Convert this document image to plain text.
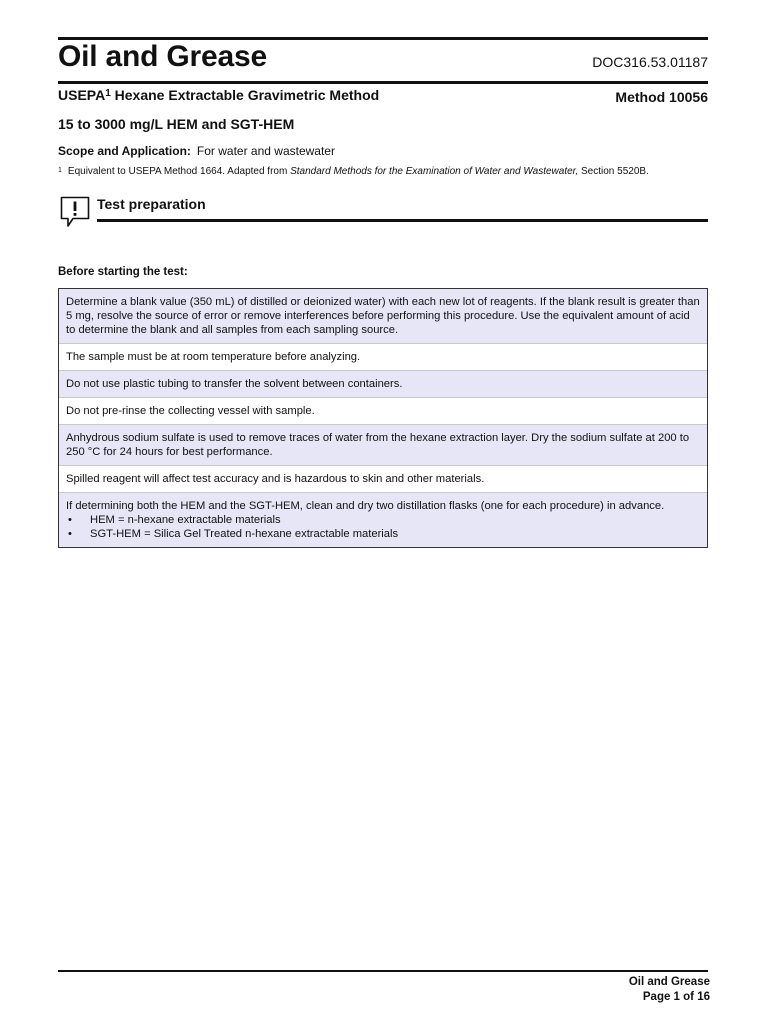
Oil and Grease	DOC316.53.01187
USEPA$^1$ Hexane Extractable Gravimetric Method	Method 10056
15 to 3000 mg/L HEM and SGT-HEM
Scope and Application: For water and wastewater
$^1$ Equivalent to USEPA Method 1664. Adapted from Standard Methods for the Examination of Water and Wastewater, Section 5520B.
Test preparation
Before starting the test:
Determine a blank value (350 mL) of distilled or deionized water) with each new lot of reagents. If the blank result is greater than 5 mg, resolve the source of error or remove interferences before performing this procedure. Use the equivalent amount of acid to determine the blank and all samples from each sampling source.
The sample must be at room temperature before analyzing.
Do not use plastic tubing to transfer the solvent between containers.
Do not pre-rinse the collecting vessel with sample.
Anhydrous sodium sulfate is used to remove traces of water from the hexane extraction layer. Dry the sodium sulfate at 200 to 250 °C for 24 hours for best performance.
Spilled reagent will affect test accuracy and is hazardous to skin and other materials.
If determining both the HEM and the SGT-HEM, clean and dry two distillation flasks (one for each procedure) in advance.
• HEM = n-hexane extractable materials
• SGT-HEM = Silica Gel Treated n-hexane extractable materials
Oil and Grease
Page 1 of 16
